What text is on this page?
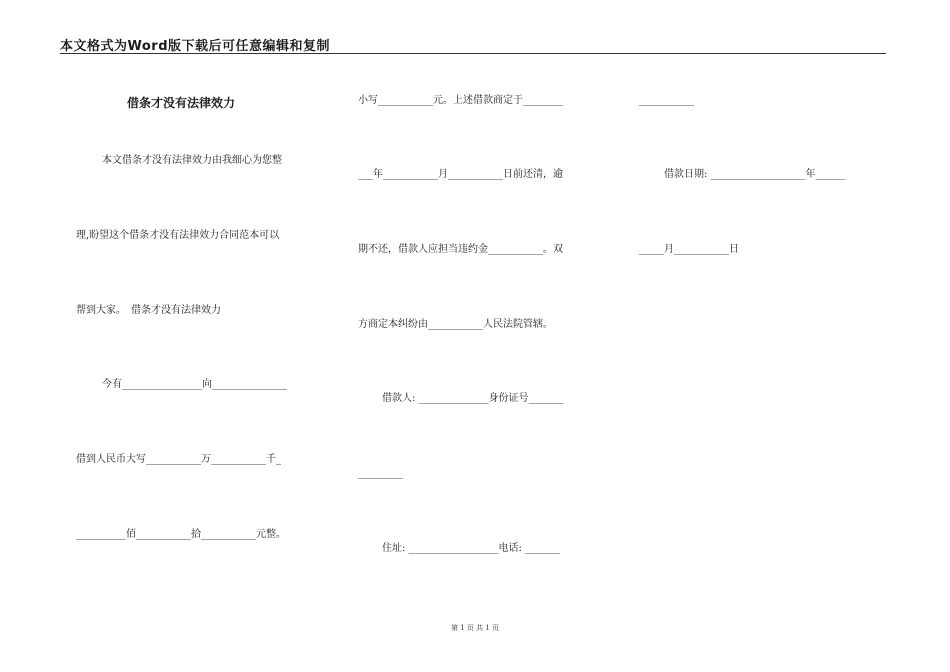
本文格式为Word版下载后可任意编辑和复制
借条才没有法律效力
本文借条才没有法律效力由我细心为您整
理,盼望这个借条才没有法律效力合同范本可以
帮到大家。　借条才没有法律效力
今有________________向_______________
借到人民币大写___________万___________千_
__________佰___________拾___________元整。
小写___________元。上述借款商定于________
___年___________月___________日前还清，逾
期不还，借款人应担当违约金___________。双
方商定本纠纷由___________人民法院管辖。
借款人: ______________身份证号_______
_________
住址: __________________电话: _______
___________
借款日期: ___________________年______
_____月___________日
第 1 页 共 1 页
